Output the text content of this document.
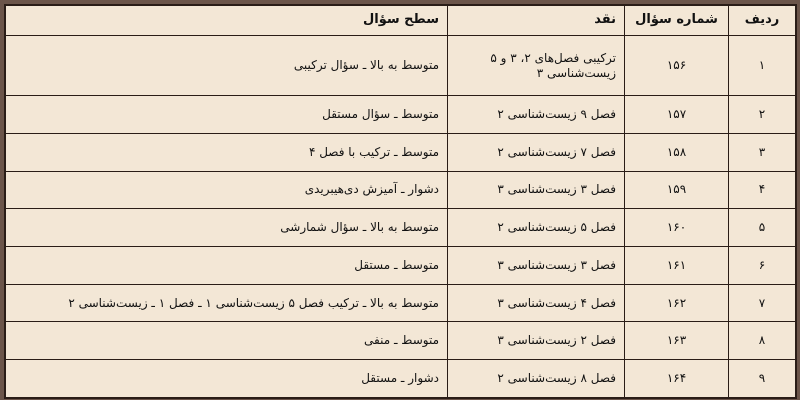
ردیف	شماره سؤال	نقد	سطح سؤال
۱	۱۵۶	ترکیبی فصل‌های ۲، ۳ و ۵ زیست‌شناسی ۳	متوسط به بالا ـ سؤال ترکیبی
۲	۱۵۷	فصل ۹ زیست‌شناسی ۲	متوسط ـ سؤال مستقل
۳	۱۵۸	فصل ۷ زیست‌شناسی ۲	متوسط ـ ترکیب با فصل ۴
۴	۱۵۹	فصل ۳ زیست‌شناسی ۳	دشوار ـ آمیزش دی‌هیبریدی
۵	۱۶۰	فصل ۵ زیست‌شناسی ۲	متوسط به بالا ـ سؤال شمارشی
۶	۱۶۱	فصل ۳ زیست‌شناسی ۳	متوسط ـ مستقل
۷	۱۶۲	فصل ۴ زیست‌شناسی ۳	متوسط به بالا ـ ترکیب فصل ۵ زیست‌شناسی ۱ ـ فصل ۱ ـ زیست‌شناسی ۲
۸	۱۶۳	فصل ۲ زیست‌شناسی ۳	متوسط ـ منفی
۹	۱۶۴	فصل ۸ زیست‌شناسی ۲	دشوار ـ مستقل
